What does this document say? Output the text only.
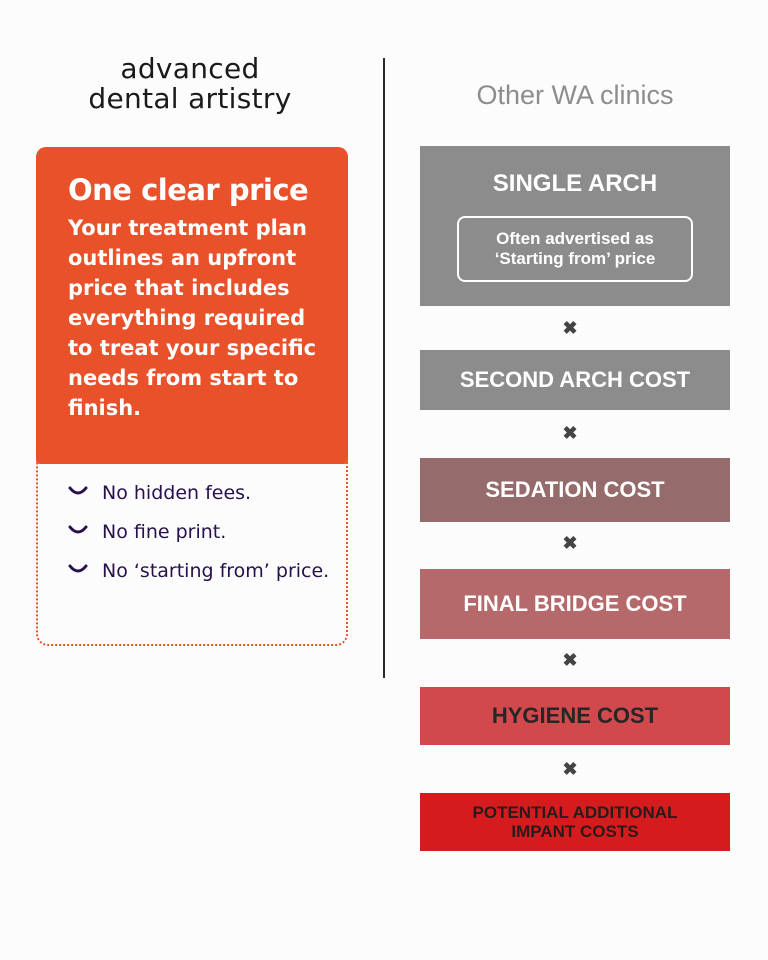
advanced
dental artistry
One clear price
Your treatment plan outlines an upfront price that includes everything required to treat your specific needs from start to finish.
No hidden fees.
No fine print.
No ‘starting from’ price.
Other WA clinics
SINGLE ARCH
Often advertised as ‘Starting from’ price
✖
SECOND ARCH COST
✖
SEDATION COST
✖
FINAL BRIDGE COST
✖
HYGIENE COST
✖
POTENTIAL ADDITIONAL IMPANT COSTS
